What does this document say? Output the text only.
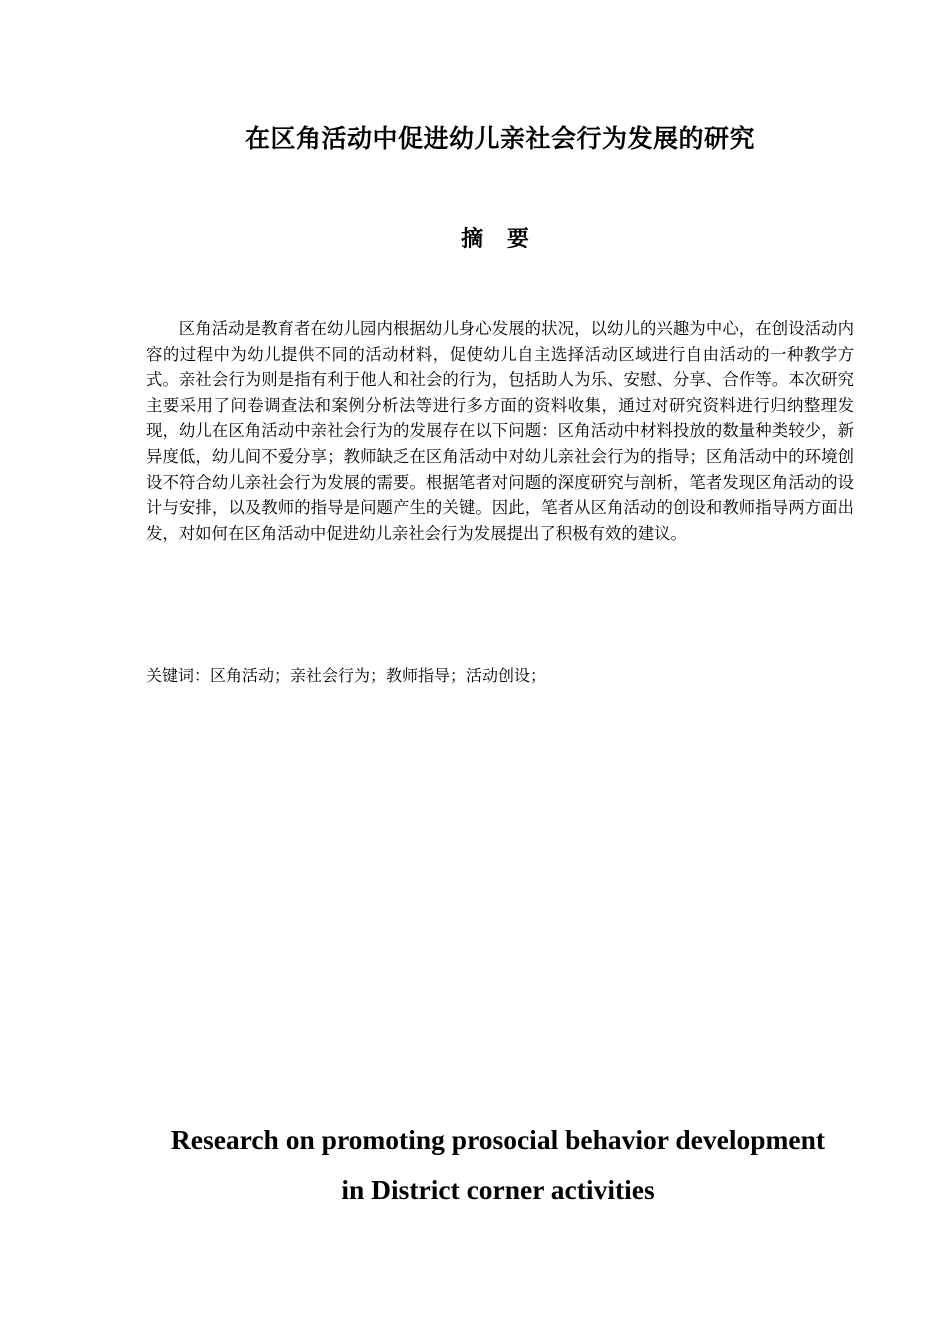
在区角活动中促进幼儿亲社会行为发展的研究
摘 要

区角活动是教育者在幼儿园内根据幼儿身心发展的状况，以幼儿的兴趣为中心，在创设活动内容的过程中为幼儿提供不同的活动材料，促使幼儿自主选择活动区域进行自由活动的一种教学方式。亲社会行为则是指有利于他人和社会的行为，包括助人为乐、安慰、分享、合作等。本次研究主要采用了问卷调查法和案例分析法等进行多方面的资料收集，通过对研究资料进行归纳整理发现，幼儿在区角活动中亲社会行为的发展存在以下问题：区角活动中材料投放的数量种类较少，新异度低，幼儿间不爱分享；教师缺乏在区角活动中对幼儿亲社会行为的指导；区角活动中的环境创设不符合幼儿亲社会行为发展的需要。根据笔者对问题的深度研究与剖析，笔者发现区角活动的设计与安排，以及教师的指导是问题产生的关键。因此，笔者从区角活动的创设和教师指导两方面出发，对如何在区角活动中促进幼儿亲社会行为发展提出了积极有效的建议。

关键词：区角活动；亲社会行为；教师指导；活动创设；

Research on promoting prosocial behavior development
in District corner activities
